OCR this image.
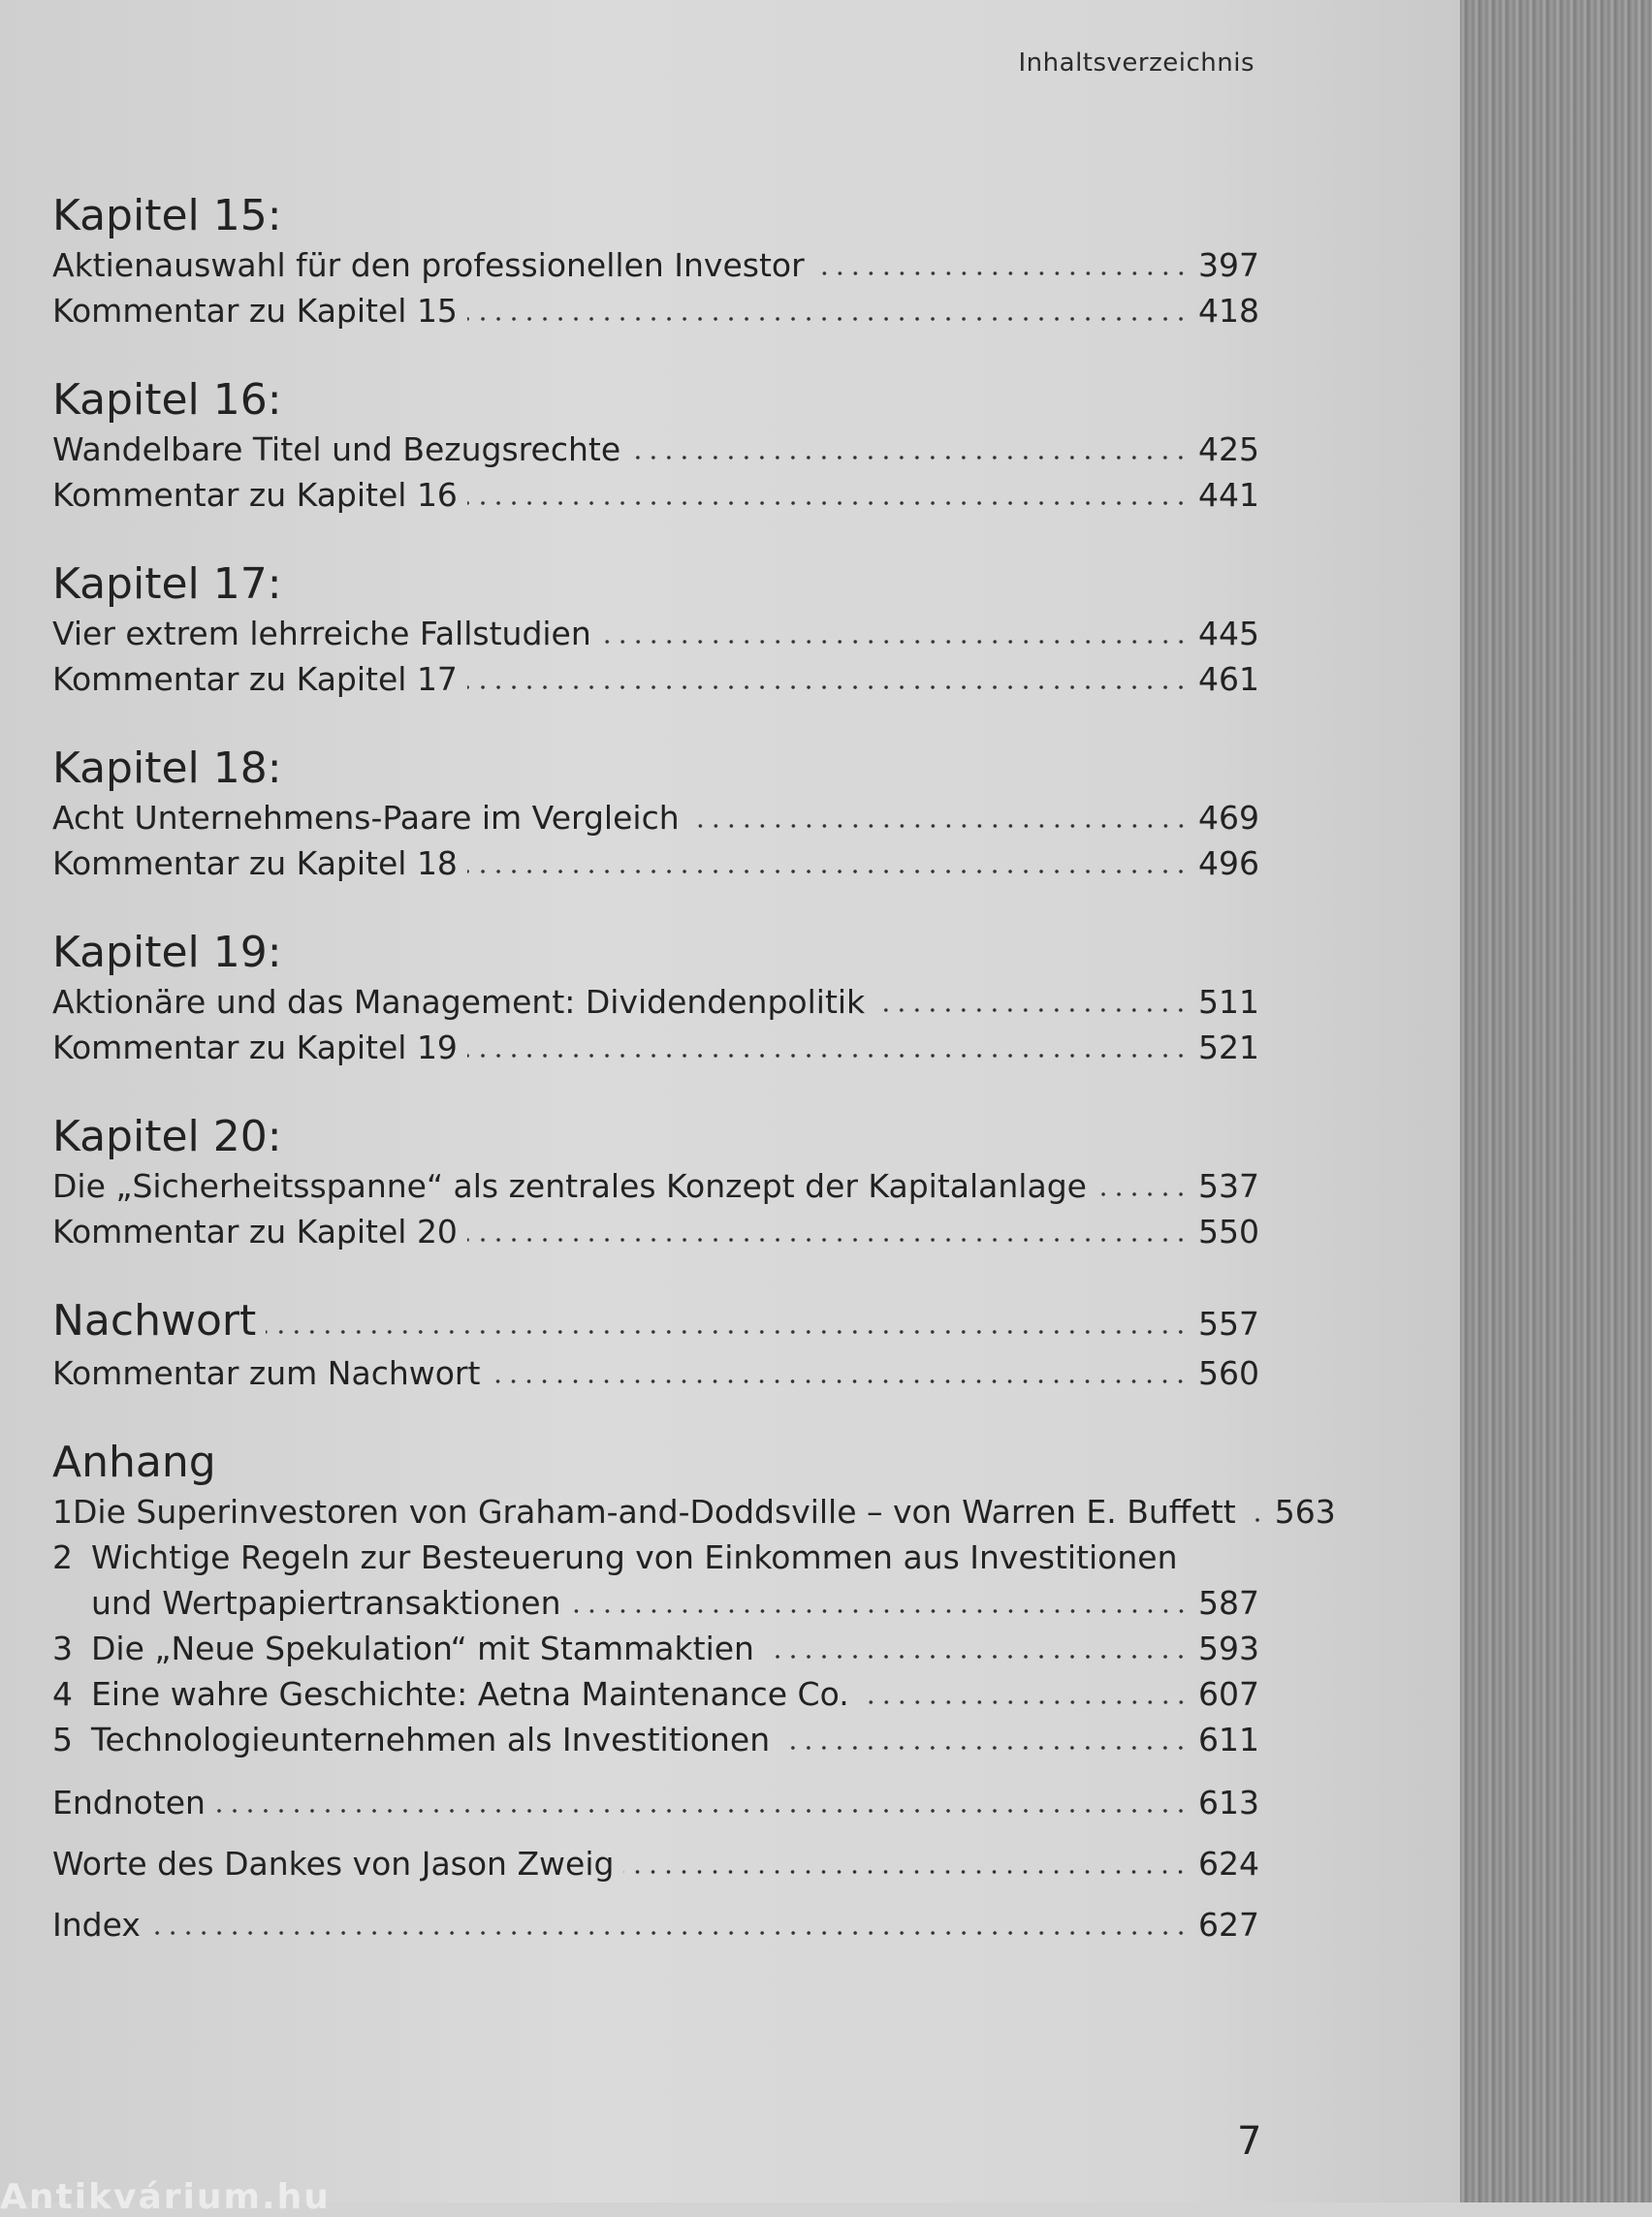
Inhaltsverzeichnis
Kapitel 15:
Aktienauswahl für den professionellen Investor	397
Kommentar zu Kapitel 15	418
Kapitel 16:
Wandelbare Titel und Bezugsrechte	425
Kommentar zu Kapitel 16	441
Kapitel 17:
Vier extrem lehrreiche Fallstudien	445
Kommentar zu Kapitel 17	461
Kapitel 18:
Acht Unternehmens-Paare im Vergleich	469
Kommentar zu Kapitel 18	496
Kapitel 19:
Aktionäre und das Management: Dividendenpolitik	511
Kommentar zu Kapitel 19	521
Kapitel 20:
Die „Sicherheitsspanne“ als zentrales Konzept der Kapitalanlage	537
Kommentar zu Kapitel 20	550
Nachwort	557
Kommentar zum Nachwort	560
Anhang
1 Die Superinvestoren von Graham-and-Doddsville – von Warren E. Buffett 563
2 Wichtige Regeln zur Besteuerung von Einkommen aus Investitionen
und Wertpapiertransaktionen	587
3 Die „Neue Spekulation“ mit Stammaktien	593
4 Eine wahre Geschichte: Aetna Maintenance Co.	607
5 Technologieunternehmen als Investitionen	611
Endnoten	613
Worte des Dankes von Jason Zweig	624
Index	627
7
Antikvárium.hu
